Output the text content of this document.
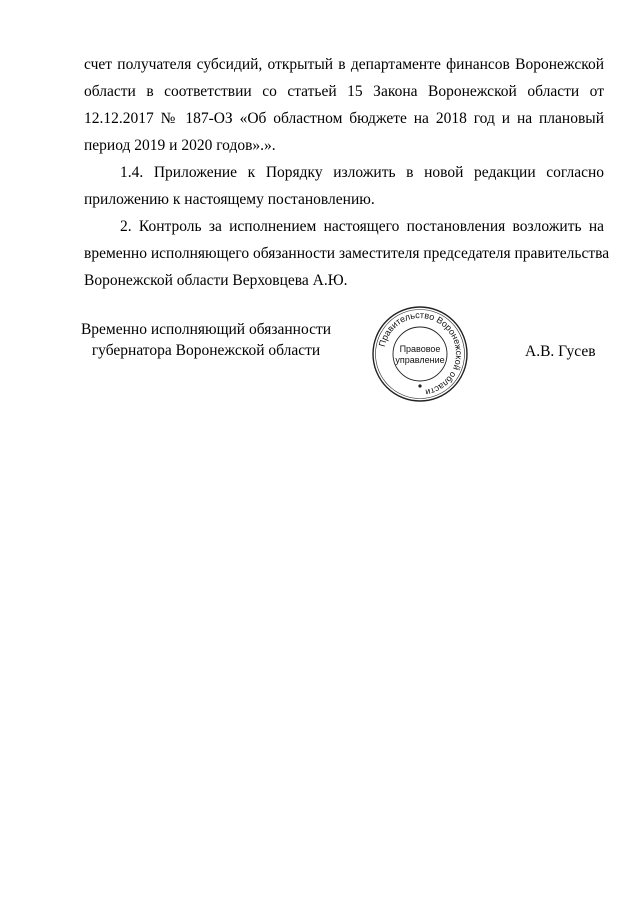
счет получателя субсидий, открытый в департаменте финансов Воронежской
области в соответствии со статьей 15 Закона Воронежской области от
12.12.2017 № 187-ОЗ «Об областном бюджете на 2018 год и на плановый
период 2019 и 2020 годов».».

1.4. Приложение к Порядку изложить в новой редакции согласно
приложению к настоящему постановлению.

2. Контроль за исполнением настоящего постановления возложить на
временно исполняющего обязанности заместителя председателя правительства
Воронежской области Верховцева А.Ю.

Временно исполняющий обязанности
губернатора Воронежской области	Правительство Воронежской области
Правовое
управление	А.В. Гусев
